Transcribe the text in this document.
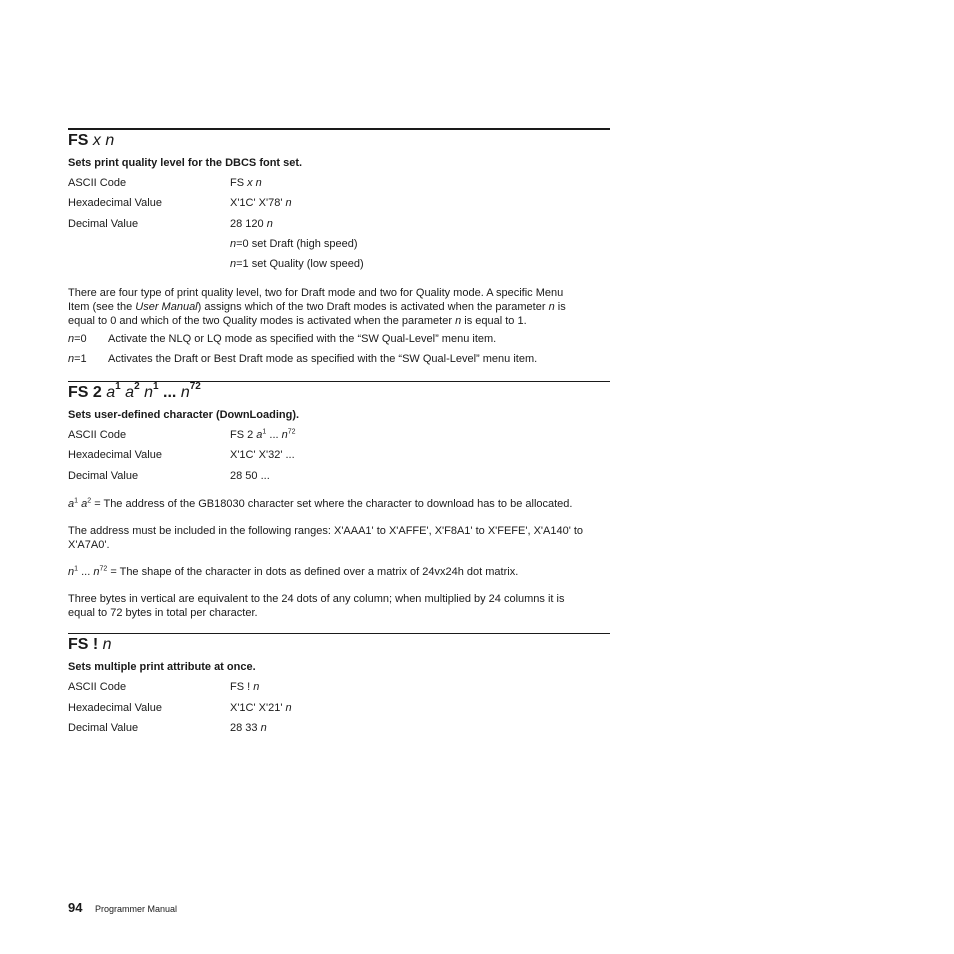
FS x n
Sets print quality level for the DBCS font set.
ASCII Code	FS x n
Hexadecimal Value	X'1C' X'78' n
Decimal Value	28 120 n
n=0 set Draft (high speed)
n=1 set Quality (low speed)
There are four type of print quality level, two for Draft mode and two for Quality mode. A specific Menu
Item (see the User Manual) assigns which of the two Draft modes is activated when the parameter n is
equal to 0 and which of the two Quality modes is activated when the parameter n is equal to 1.
n=0 Activate the NLQ or LQ mode as specified with the “SW Qual-Level” menu item.
n=1 Activates the Draft or Best Draft mode as specified with the “SW Qual-Level” menu item.
FS 2 $a^1$ $a^2$ $n^1$ ... $n^{72}$
Sets user-defined character (DownLoading).
ASCII Code	FS 2 $a^1$ ... $n^{72}$
Hexadecimal Value	X'1C' X'32' ...
Decimal Value	28 50 ...
$a^1$ $a^2$ = The address of the GB18030 character set where the character to download has to be allocated.
The address must be included in the following ranges: X'AAA1' to X'AFFE', X'F8A1' to X'FEFE', X'A140' to
X'A7A0'.
$n^1$ ... $n^{72}$ = The shape of the character in dots as defined over a matrix of 24vx24h dot matrix.
Three bytes in vertical are equivalent to the 24 dots of any column; when multiplied by 24 columns it is
equal to 72 bytes in total per character.
FS ! n
Sets multiple print attribute at once.
ASCII Code	FS ! n
Hexadecimal Value	X'1C' X'21' n
Decimal Value	28 33 n
94 Programmer Manual
